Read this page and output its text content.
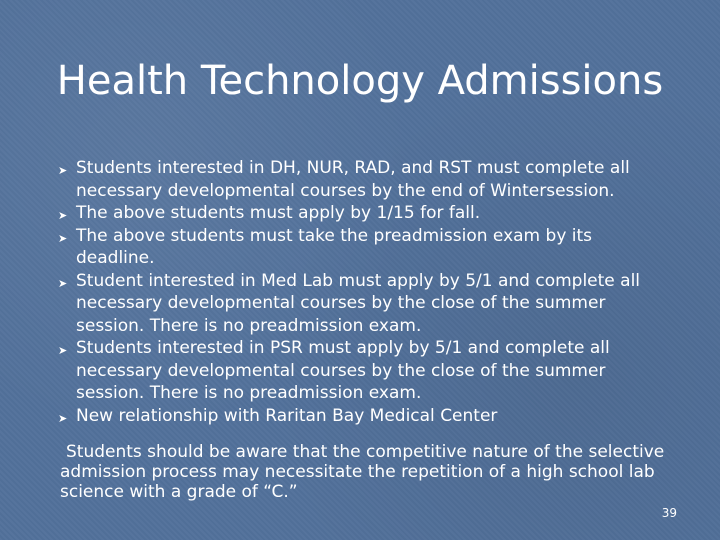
Health Technology Admissions
➤ Students interested in DH, NUR, RAD, and RST must complete all necessary developmental courses by the end of Wintersession.
➤ The above students must apply by 1/15 for fall.
➤ The above students must take the preadmission exam by its deadline.
➤ Student interested in Med Lab must apply by 5/1 and complete all necessary developmental courses by the close of the summer session. There is no preadmission exam.
➤ Students interested in PSR must apply by 5/1 and complete all necessary developmental courses by the close of the summer session. There is no preadmission exam.
➤ New relationship with Raritan Bay Medical Center
Students should be aware that the competitive nature of the selective admission process may necessitate the repetition of a high school lab science with a grade of “C.”
39
